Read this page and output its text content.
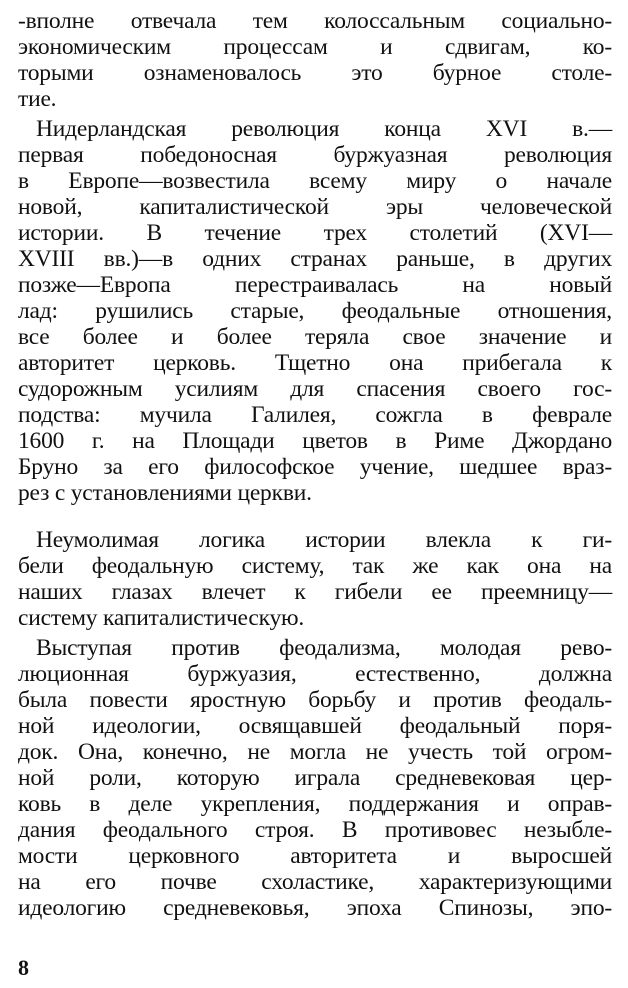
-вполне отвечала тем колоссальным социально-
экономическим процессам и сдвигам, ко-
торыми ознаменовалось это бурное столе-
тие.
Нидерландская революция конца XVI в.—
первая победоносная буржуазная революция
в Европе—возвестила всему миру о начале
новой, капиталистической эры человеческой
истории. В течение трех столетий (XVI—
XVIII вв.)—в одних странах раньше, в других
позже—Европа перестраивалась на новый
лад: рушились старые, феодальные отношения,
все более и более теряла свое значение и
авторитет церковь. Тщетно она прибегала к
судорожным усилиям для спасения своего гос-
подства: мучила Галилея, сожгла в феврале
1600 г. на Площади цветов в Риме Джордано
Бруно за его философское учение, шедшее враз-
рез с установлениями церкви.
Неумолимая логика истории влекла к ги-
бели феодальную систему, так же как она на
наших глазах влечет к гибели ее преемницу—
систему капиталистическую.
Выступая против феодализма, молодая рево-
люционная буржуазия, естественно, должна
была повести яростную борьбу и против феодаль-
ной идеологии, освящавшей феодальный поря-
док. Она, конечно, не могла не учесть той огром-
ной роли, которую играла средневековая цер-
ковь в деле укрепления, поддержания и оправ-
дания феодального строя. В противовес незыбле-
мости церковного авторитета и выросшей
на его почве схоластике, характеризующими
идеологию средневековья, эпоха Спинозы, эпо-
8
